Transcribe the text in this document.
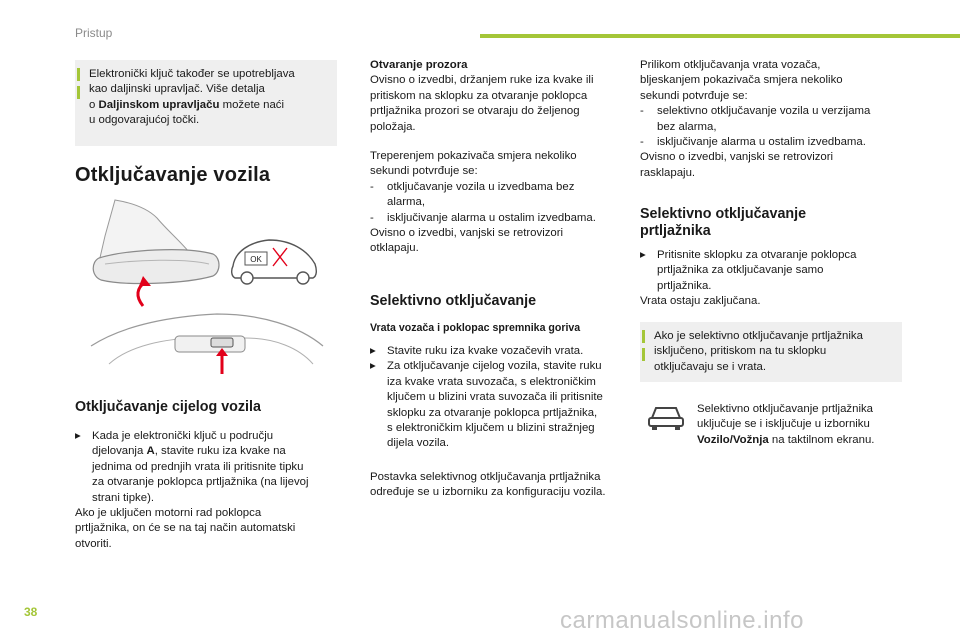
Pristup
Elektronički ključ također se upotrebljava
kao daljinski upravljač. Više detalja
o Daljinskom upravljaču možete naći
u odgovarajućoj točki.
Otključavanje vozila
OK
Otključavanje cijelog vozila
▸ Kada je elektronički ključ u području
djelovanja A, stavite ruku iza kvake na
jednima od prednjih vrata ili pritisnite tipku
za otvaranje poklopca prtljažnika (na lijevoj
strani tipke).
Ako je uključen motorni rad poklopca
prtljažnika, on će se na taj način automatski
otvoriti.
Otvaranje prozora
Ovisno o izvedbi, držanjem ruke iza kvake ili
pritiskom na sklopku za otvaranje poklopca
prtljažnika prozori se otvaraju do željenog
položaja.
Treperenjem pokazivača smjera nekoliko
sekundi potvrđuje se:
- otključavanje vozila u izvedbama bez
alarma,
- isključivanje alarma u ostalim izvedbama.
Ovisno o izvedbi, vanjski se retrovizori
otklapaju.
Selektivno otključavanje
Vrata vozača i poklopac spremnika goriva
▸ Stavite ruku iza kvake vozačevih vrata.
▸ Za otključavanje cijelog vozila, stavite ruku
iza kvake vrata suvozača, s elektroničkim
ključem u blizini vrata suvozača ili pritisnite
sklopku za otvaranje poklopca prtljažnika,
s elektroničkim ključem u blizini stražnjeg
dijela vozila.
Postavka selektivnog otključavanja prtljažnika
određuje se u izborniku za konfiguraciju vozila.
Prilikom otključavanja vrata vozača,
bljeskanjem pokazivača smjera nekoliko
sekundi potvrđuje se:
- selektivno otključavanje vozila u verzijama
bez alarma,
- isključivanje alarma u ostalim izvedbama.
Ovisno o izvedbi, vanjski se retrovizori
rasklapaju.
Selektivno otključavanje
prtljažnika
▸ Pritisnite sklopku za otvaranje poklopca
prtljažnika za otključavanje samo
prtljažnika.
Vrata ostaju zaključana.
Ako je selektivno otključavanje prtljažnika
isključeno, pritiskom na tu sklopku
otključavaju se i vrata.
Selektivno otključavanje prtljažnika
uključuje se i isključuje u izborniku
Vozilo/Vožnja na taktilnom ekranu.
38	carmanualsonline.info
